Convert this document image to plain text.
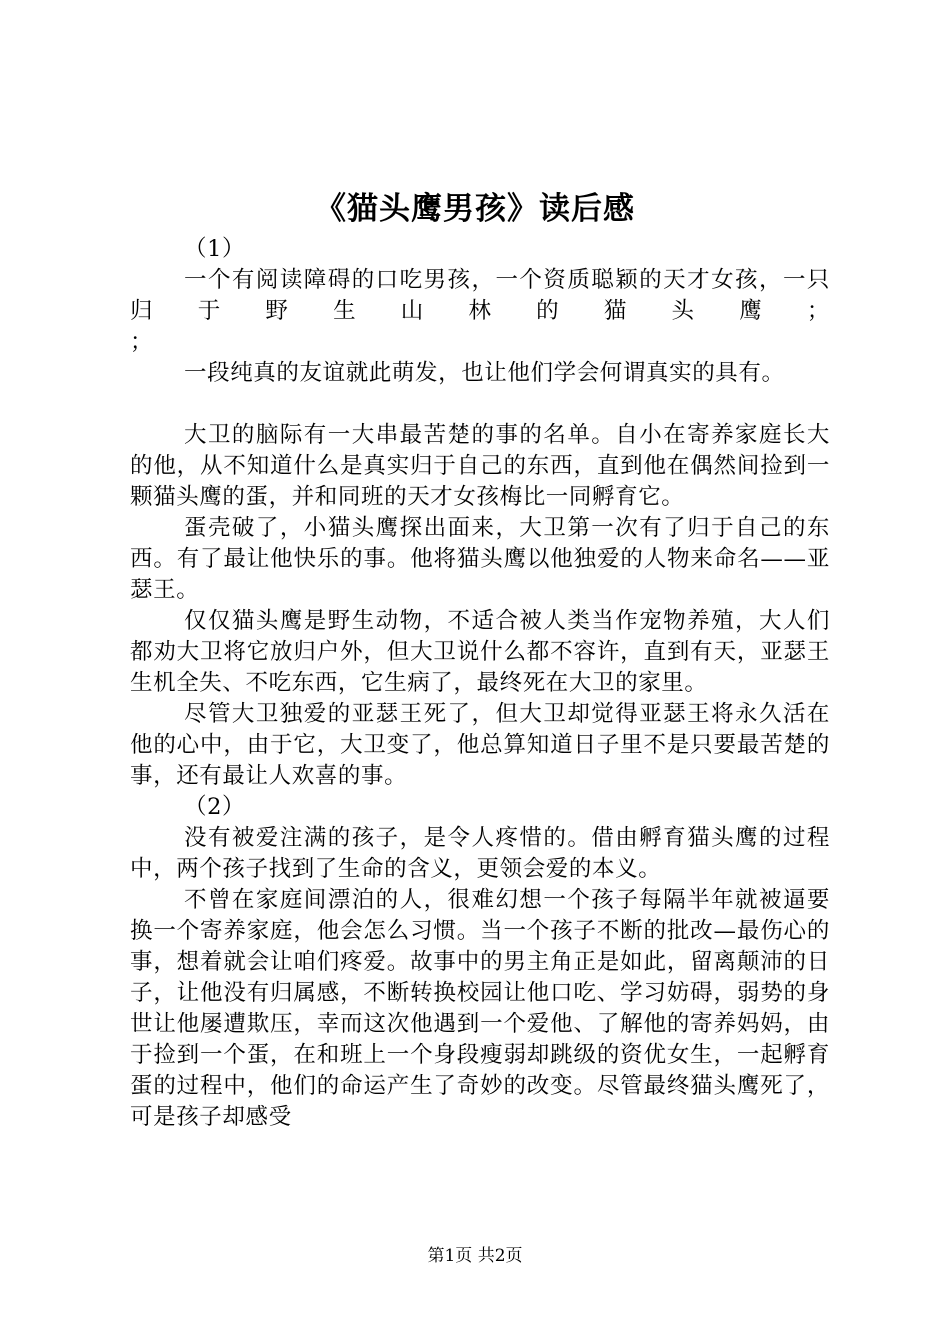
《猫头鹰男孩》读后感

（1）

一个有阅读障碍的口吃男孩，一个资质聪颖的天才女孩，一只归于野生山林的猫头鹰；

；

一段纯真的友谊就此萌发，也让他们学会何谓真实的具有。

大卫的脑际有一大串最苦楚的事的名单。自小在寄养家庭长大的他，从不知道什么是真实归于自己的东西，直到他在偶然间捡到一颗猫头鹰的蛋，并和同班的天才女孩梅比一同孵育它。

蛋壳破了，小猫头鹰探出面来，大卫第一次有了归于自己的东西。有了最让他快乐的事。他将猫头鹰以他独爱的人物来命名——亚瑟王。

仅仅猫头鹰是野生动物，不适合被人类当作宠物养殖，大人们都劝大卫将它放归户外，但大卫说什么都不容许，直到有天，亚瑟王生机全失、不吃东西，它生病了，最终死在大卫的家里。

尽管大卫独爱的亚瑟王死了，但大卫却觉得亚瑟王将永久活在他的心中，由于它，大卫变了，他总算知道日子里不是只要最苦楚的事，还有最让人欢喜的事。

（2）

没有被爱注满的孩子，是令人疼惜的。借由孵育猫头鹰的过程中，两个孩子找到了生命的含义，更领会爱的本义。

不曾在家庭间漂泊的人，很难幻想一个孩子每隔半年就被逼要换一个寄养家庭，他会怎么习惯。当一个孩子不断的批改—最伤心的事，想着就会让咱们疼爱。故事中的男主角正是如此，留离颠沛的日子，让他没有归属感，不断转换校园让他口吃、学习妨碍，弱势的身世让他屡遭欺压，幸而这次他遇到一个爱他、了解他的寄养妈妈，由于捡到一个蛋，在和班上一个身段瘦弱却跳级的资优女生，一起孵育蛋的过程中，他们的命运产生了奇妙的改变。尽管最终猫头鹰死了，可是孩子却感受

第1页 共2页
